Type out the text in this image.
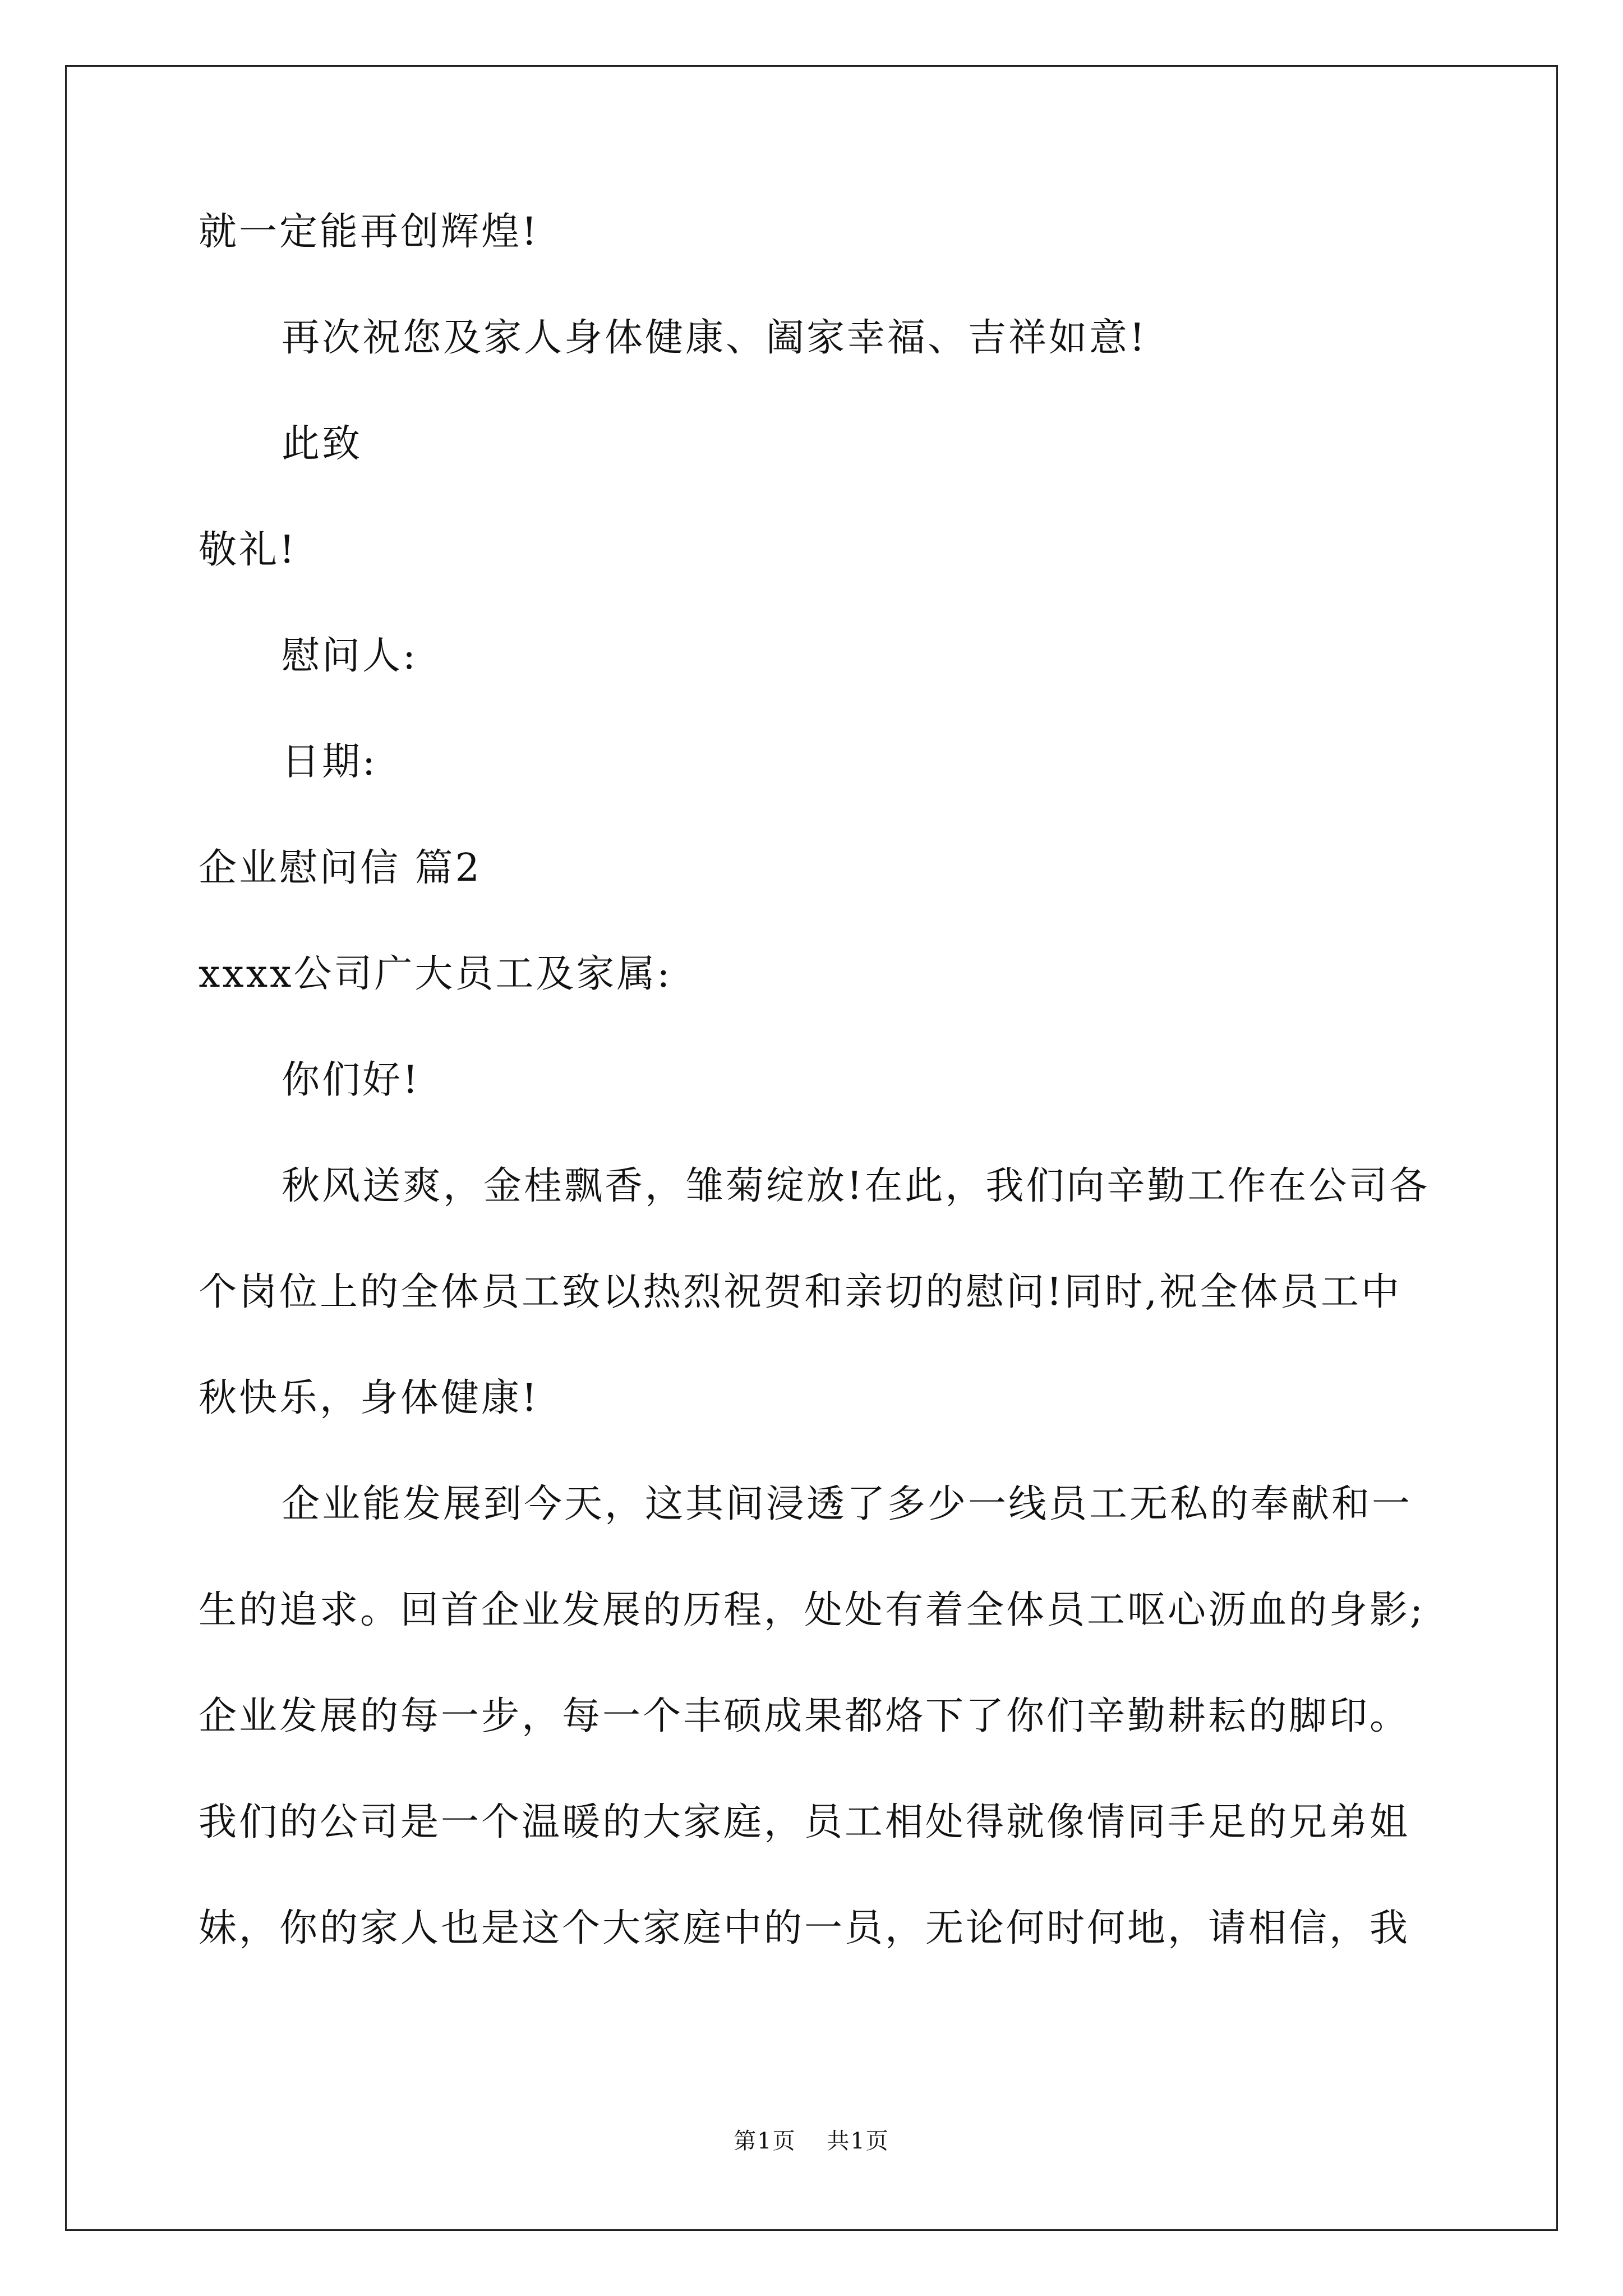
就一定能再创辉煌!
再次祝您及家人身体健康、阖家幸福、吉祥如意!
此致
敬礼!
慰问人:
日期:
企业慰问信 篇2
xxxx公司广大员工及家属:
你们好!
秋风送爽，金桂飘香，雏菊绽放!在此，我们向辛勤工作在公司各
个岗位上的全体员工致以热烈祝贺和亲切的慰问!同时,祝全体员工中
秋快乐，身体健康!
企业能发展到今天，这其间浸透了多少一线员工无私的奉献和一
生的追求。回首企业发展的历程，处处有着全体员工呕心沥血的身影;
企业发展的每一步，每一个丰硕成果都烙下了你们辛勤耕耘的脚印。
我们的公司是一个温暖的大家庭，员工相处得就像情同手足的兄弟姐
妹，你的家人也是这个大家庭中的一员，无论何时何地，请相信，我
第1页 共1页
